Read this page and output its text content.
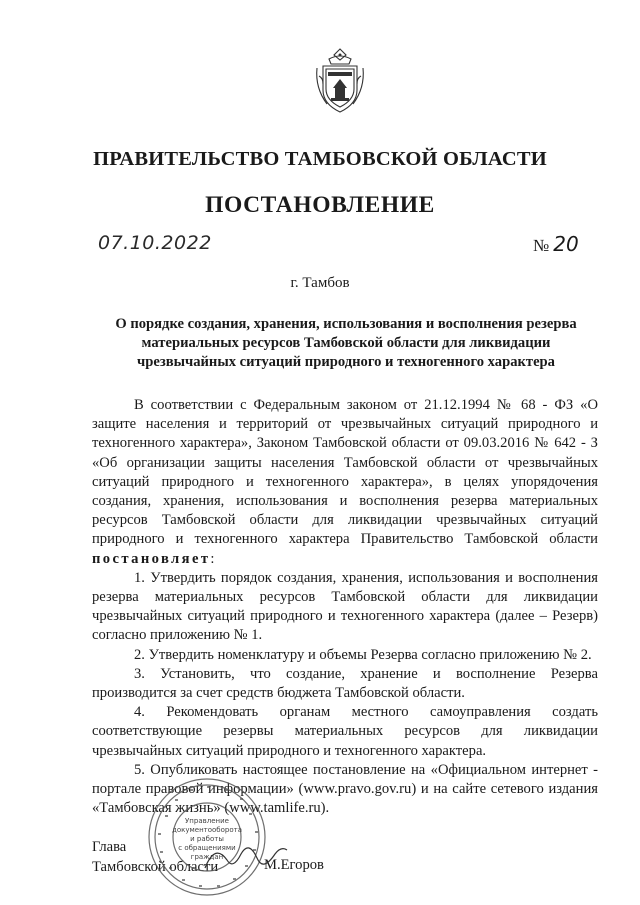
ПРАВИТЕЛЬСТВО ТАМБОВСКОЙ ОБЛАСТИ
ПОСТАНОВЛЕНИЕ
07.10.2022	№ 20
г. Тамбов
О порядке создания, хранения, использования и восполнения резерва материальных ресурсов Тамбовской области для ликвидации чрезвычайных ситуаций природного и техногенного характера

В соответствии с Федеральным законом от 21.12.1994 № 68 - ФЗ «О защите населения и территорий от чрезвычайных ситуаций природного и техногенного характера», Законом Тамбовской области от 09.03.2016 № 642 - З «Об организации защиты населения Тамбовской области от чрезвычайных ситуаций природного и техногенного характера», в целях упорядочения создания, хранения, использования и восполнения резерва материальных ресурсов Тамбовской области для ликвидации чрезвычайных ситуаций природного и техногенного характера Правительство Тамбовской области постановляет:

1. Утвердить порядок создания, хранения, использования и восполнения резерва материальных ресурсов Тамбовской области для ликвидации чрезвычайных ситуаций природного и техногенного характера (далее – Резерв) согласно приложению № 1.

2. Утвердить номенклатуру и объемы Резерва согласно приложению № 2.

3. Установить, что создание, хранение и восполнение Резерва производится за счет средств бюджета Тамбовской области.

4. Рекомендовать органам местного самоуправления создать соответствующие резервы материальных ресурсов для ликвидации чрезвычайных ситуаций природного и техногенного характера.

5. Опубликовать настоящее постановление на «Официальном интернет - портале правовой информации» (www.pravo.gov.ru) и на сайте сетевого издания «Тамбовская жизнь» (www.tamlife.ru).

Глава
Тамбовской области	М.Егоров
Управление
документооборота
и работы
с обращениями
граждан
